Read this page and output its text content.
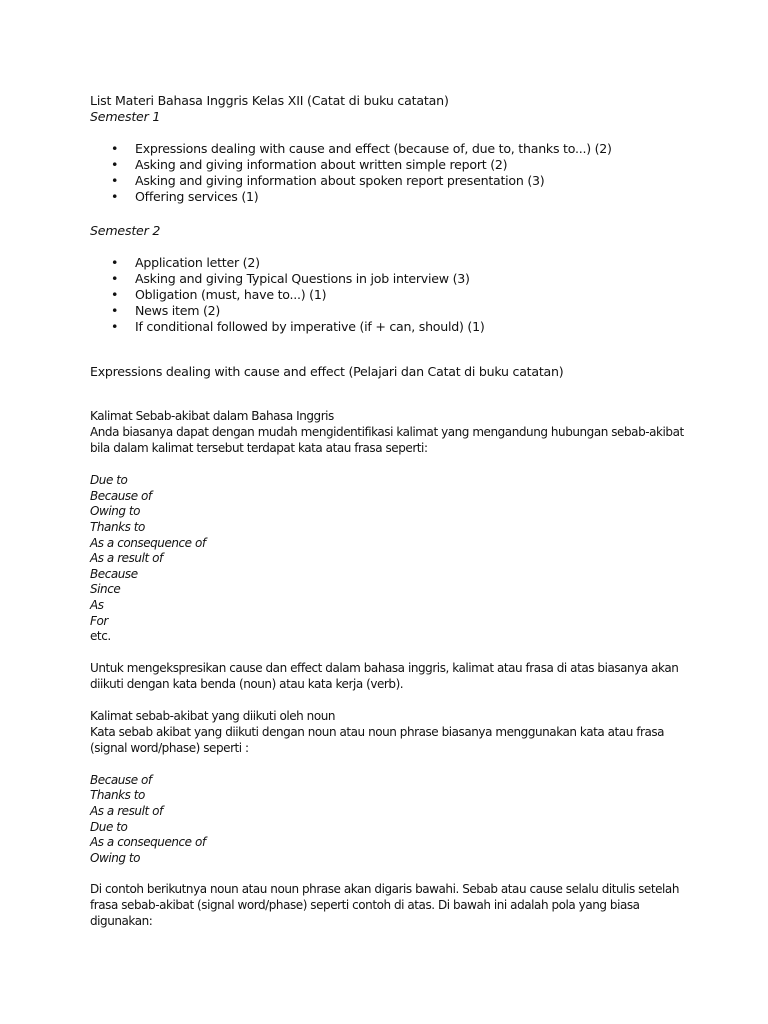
List Materi Bahasa Inggris Kelas XII (Catat di buku catatan)

Semester 1

• Expressions dealing with cause and effect (because of, due to, thanks to...) (2)
• Asking and giving information about written simple report (2)
• Asking and giving information about spoken report presentation (3)
• Offering services (1)

Semester 2

• Application letter (2)
• Asking and giving Typical Questions in job interview (3)
• Obligation (must, have to...) (1)
• News item (2)
• If conditional followed by imperative (if + can, should) (1)

Expressions dealing with cause and effect (Pelajari dan Catat di buku catatan)

Kalimat Sebab-akibat dalam Bahasa Inggris

Anda biasanya dapat dengan mudah mengidentifikasi kalimat yang mengandung hubungan sebab-akibat

bila dalam kalimat tersebut terdapat kata atau frasa seperti:

Due to

Because of

Owing to

Thanks to

As a consequence of

As a result of

Because

Since

As

For

etc.

Untuk mengekspresikan cause dan effect dalam bahasa inggris, kalimat atau frasa di atas biasanya akan

diikuti dengan kata benda (noun) atau kata kerja (verb).

Kalimat sebab-akibat yang diikuti oleh noun

Kata sebab akibat yang diikuti dengan noun atau noun phrase biasanya menggunakan kata atau frasa

(signal word/phase) seperti :

Because of

Thanks to

As a result of

Due to

As a consequence of

Owing to

Di contoh berikutnya noun atau noun phrase akan digaris bawahi. Sebab atau cause selalu ditulis setelah

frasa sebab-akibat (signal word/phase) seperti contoh di atas. Di bawah ini adalah pola yang biasa

digunakan:
